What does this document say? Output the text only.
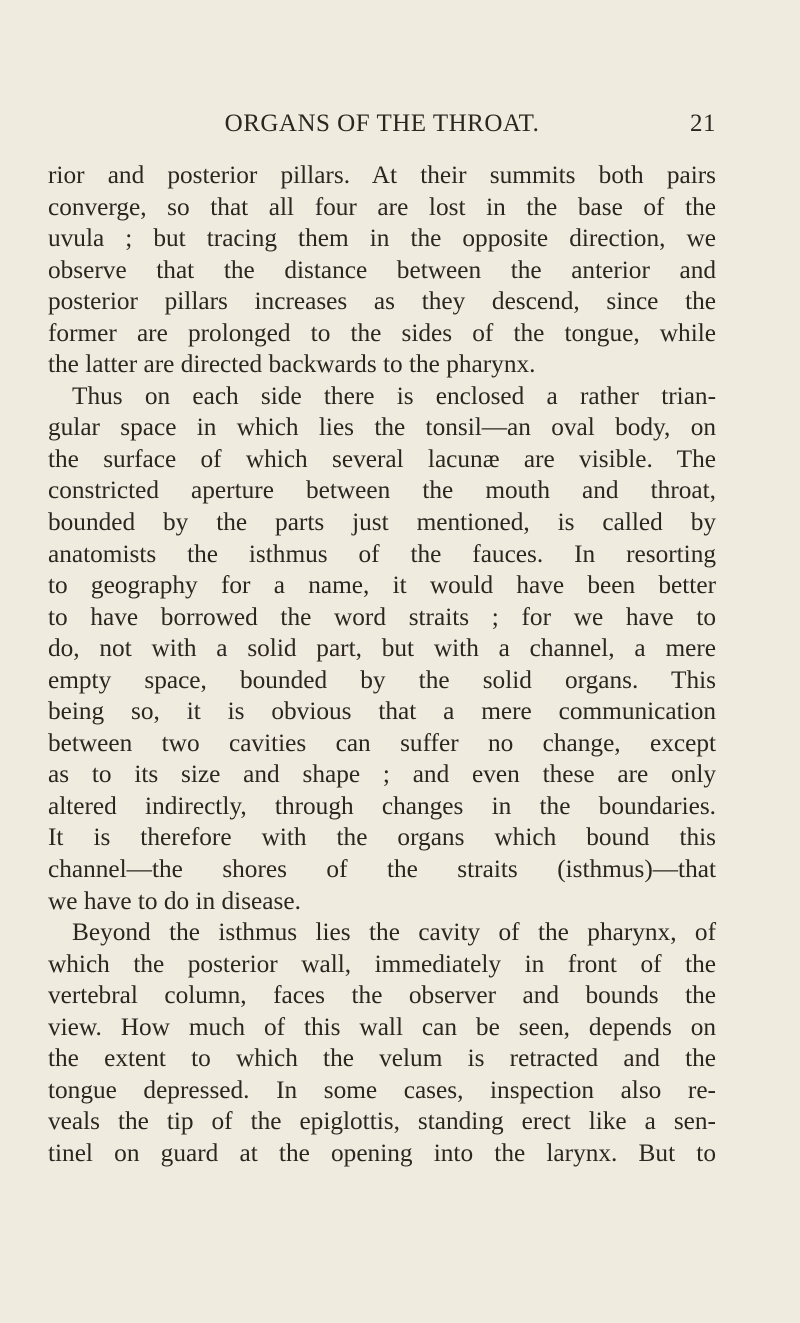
ORGANS OF THE THROAT.	21
rior and posterior pillars. At their summits both pairs
converge, so that all four are lost in the base of the
uvula ; but tracing them in the opposite direction, we
observe that the distance between the anterior and
posterior pillars increases as they descend, since the
former are prolonged to the sides of the tongue, while
the latter are directed backwards to the pharynx.
Thus on each side there is enclosed a rather trian-
gular space in which lies the tonsil—an oval body, on
the surface of which several lacunæ are visible. The
constricted aperture between the mouth and throat,
bounded by the parts just mentioned, is called by
anatomists the isthmus of the fauces. In resorting
to geography for a name, it would have been better
to have borrowed the word straits ; for we have to
do, not with a solid part, but with a channel, a mere
empty space, bounded by the solid organs. This
being so, it is obvious that a mere communication
between two cavities can suffer no change, except
as to its size and shape ; and even these are only
altered indirectly, through changes in the boundaries.
It is therefore with the organs which bound this
channel—the shores of the straits (isthmus)—that
we have to do in disease.
Beyond the isthmus lies the cavity of the pharynx, of
which the posterior wall, immediately in front of the
vertebral column, faces the observer and bounds the
view. How much of this wall can be seen, depends on
the extent to which the velum is retracted and the
tongue depressed. In some cases, inspection also re-
veals the tip of the epiglottis, standing erect like a sen-
tinel on guard at the opening into the larynx. But to
